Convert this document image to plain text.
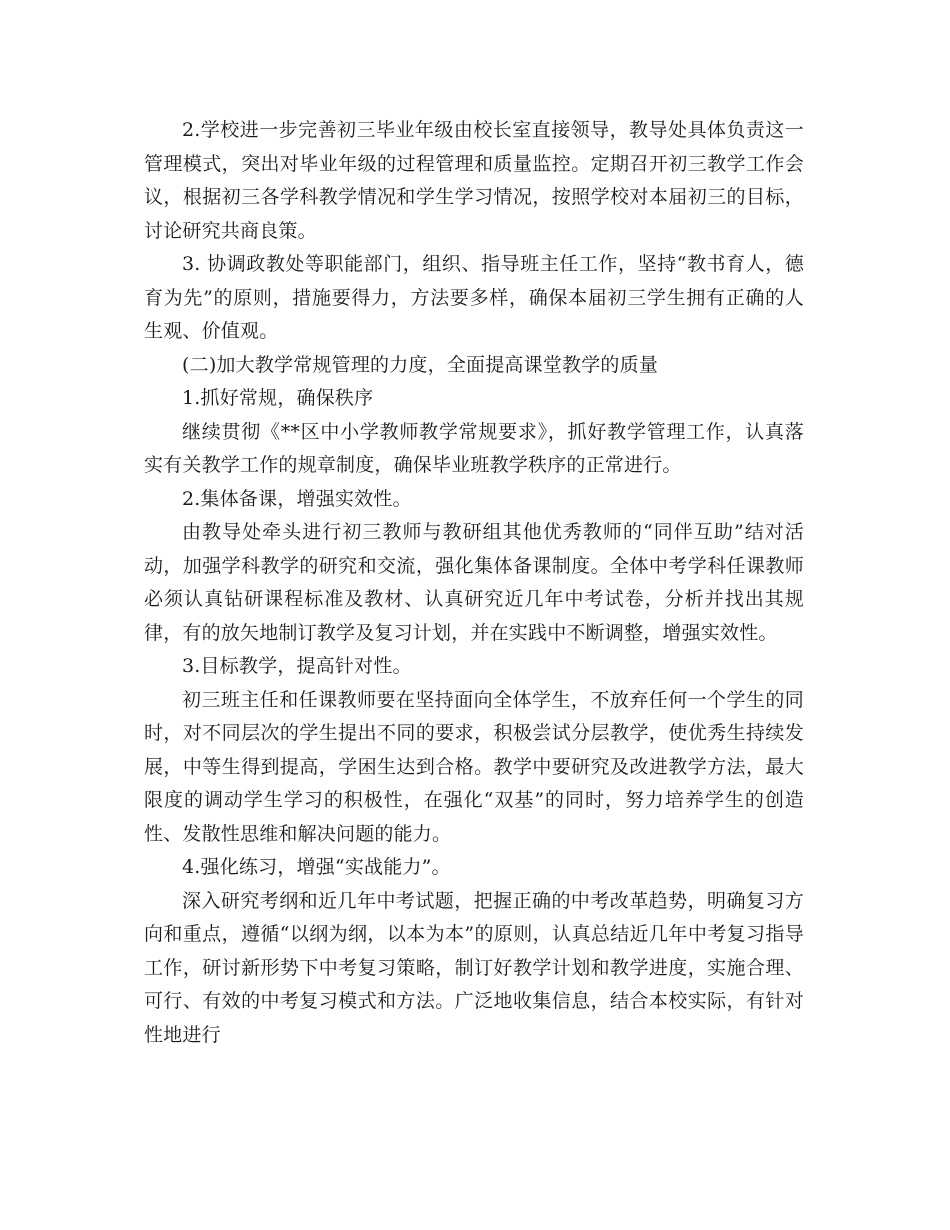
2.学校进一步完善初三毕业年级由校长室直接领导，教导处具体负责这一管理模式，突出对毕业年级的过程管理和质量监控。定期召开初三教学工作会议，根据初三各学科教学情况和学生学习情况，按照学校对本届初三的目标，讨论研究共商良策。

3. 协调政教处等职能部门，组织、指导班主任工作，坚持“教书育人，德育为先”的原则，措施要得力，方法要多样，确保本届初三学生拥有正确的人生观、价值观。

(二)加大教学常规管理的力度，全面提高课堂教学的质量

1.抓好常规，确保秩序

继续贯彻《**区中小学教师教学常规要求》，抓好教学管理工作，认真落实有关教学工作的规章制度，确保毕业班教学秩序的正常进行。

2.集体备课，增强实效性。

由教导处牵头进行初三教师与教研组其他优秀教师的“同伴互助”结对活动，加强学科教学的研究和交流，强化集体备课制度。全体中考学科任课教师必须认真钻研课程标准及教材、认真研究近几年中考试卷，分析并找出其规律，有的放矢地制订教学及复习计划，并在实践中不断调整，增强实效性。

3.目标教学，提高针对性。

初三班主任和任课教师要在坚持面向全体学生，不放弃任何一个学生的同时，对不同层次的学生提出不同的要求，积极尝试分层教学，使优秀生持续发展，中等生得到提高，学困生达到合格。教学中要研究及改进教学方法，最大限度的调动学生学习的积极性，在强化“双基”的同时，努力培养学生的创造性、发散性思维和解决问题的能力。

4.强化练习，增强“实战能力”。

深入研究考纲和近几年中考试题，把握正确的中考改革趋势，明确复习方向和重点，遵循“以纲为纲，以本为本”的原则，认真总结近几年中考复习指导工作，研讨新形势下中考复习策略，制订好教学计划和教学进度，实施合理、可行、有效的中考复习模式和方法。广泛地收集信息，结合本校实际，有针对性地进行
